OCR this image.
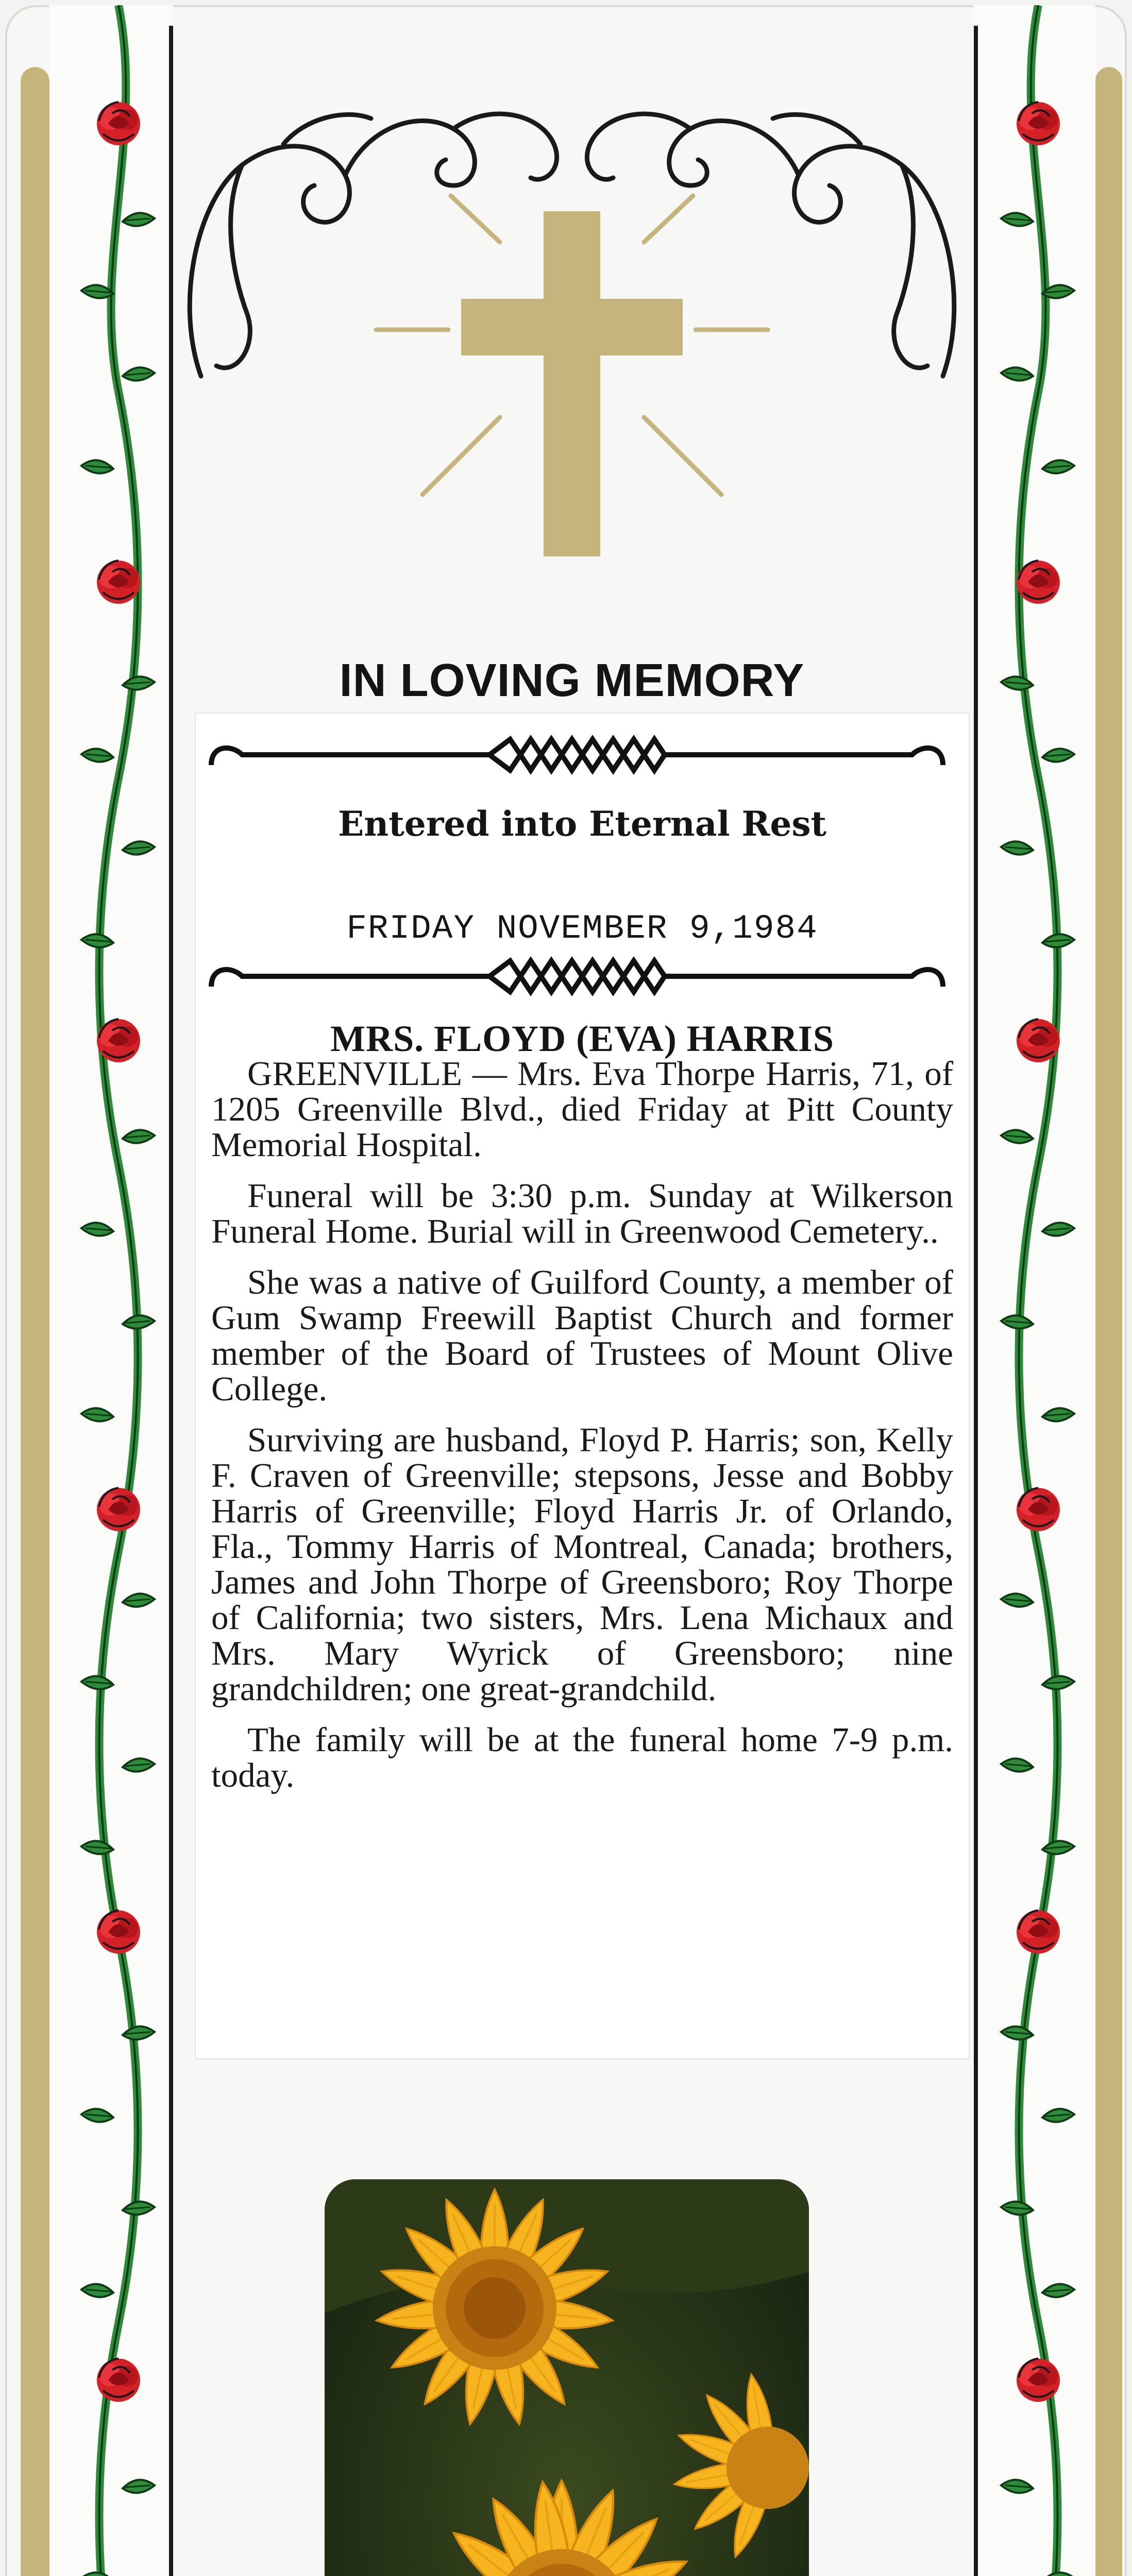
IN LOVING MEMORY
Entered into Eternal Rest
FRIDAY NOVEMBER 9,1984
MRS. FLOYD (EVA) HARRIS

GREENVILLE — Mrs. Eva Thorpe Harris, 71, of 1205 Greenville Blvd., died Friday at Pitt County Memorial Hospital.

Funeral will be 3:30 p.m. Sunday at Wilkerson Funeral Home. Burial will in Greenwood Cemetery..

She was a native of Guilford County, a member of Gum Swamp Freewill Baptist Church and former member of the Board of Trustees of Mount Olive College.

Surviving are husband, Floyd P. Harris; son, Kelly F. Craven of Greenville; stepsons, Jesse and Bobby Harris of Greenville; Floyd Harris Jr. of Orlando, Fla., Tommy Harris of Montreal, Canada; brothers, James and John Thorpe of Greensboro; Roy Thorpe of California; two sisters, Mrs. Lena Michaux and Mrs. Mary Wyrick of Greensboro; nine grandchildren; one great-grandchild.

The family will be at the funeral home 7-9 p.m. today.
